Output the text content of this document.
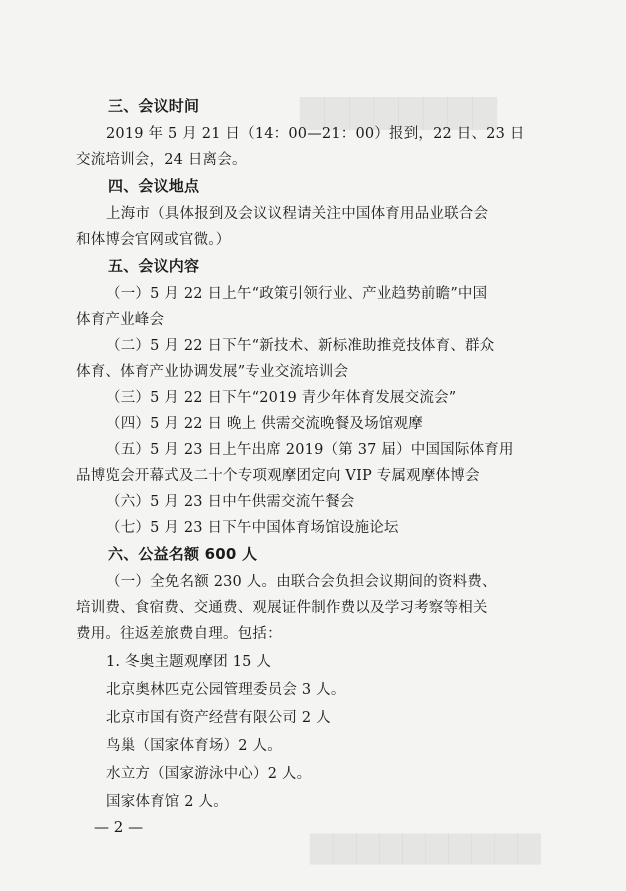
▇▇▇▇▇▇▇▇
▇▇▇▇▇▇▇▇▇▇
三、会议时间
2019 年 5 月 21 日（14：00—21：00）报到，22 日、23 日
交流培训会，24 日离会。
四、会议地点
上海市（具体报到及会议议程请关注中国体育用品业联合会
和体博会官网或官微。）
五、会议内容
（一）5 月 22 日上午“政策引领行业、产业趋势前瞻”中国
体育产业峰会
（二）5 月 22 日下午“新技术、新标准助推竞技体育、群众
体育、体育产业协调发展”专业交流培训会
（三）5 月 22 日下午“2019 青少年体育发展交流会”
（四）5 月 22 日 晚上 供需交流晚餐及场馆观摩
（五）5 月 23 日上午出席 2019（第 37 届）中国国际体育用
品博览会开幕式及二十个专项观摩团定向 VIP 专属观摩体博会
（六）5 月 23 日中午供需交流午餐会
（七）5 月 23 日下午中国体育场馆设施论坛
六、公益名额 600 人
（一）全免名额 230 人。由联合会负担会议期间的资料费、
培训费、食宿费、交通费、观展证件制作费以及学习考察等相关
费用。往返差旅费自理。包括：
1. 冬奥主题观摩团 15 人
北京奥林匹克公园管理委员会 3 人。
北京市国有资产经营有限公司 2 人
鸟巢（国家体育场）2 人。
水立方（国家游泳中心）2 人。
国家体育馆 2 人。
— 2 —
